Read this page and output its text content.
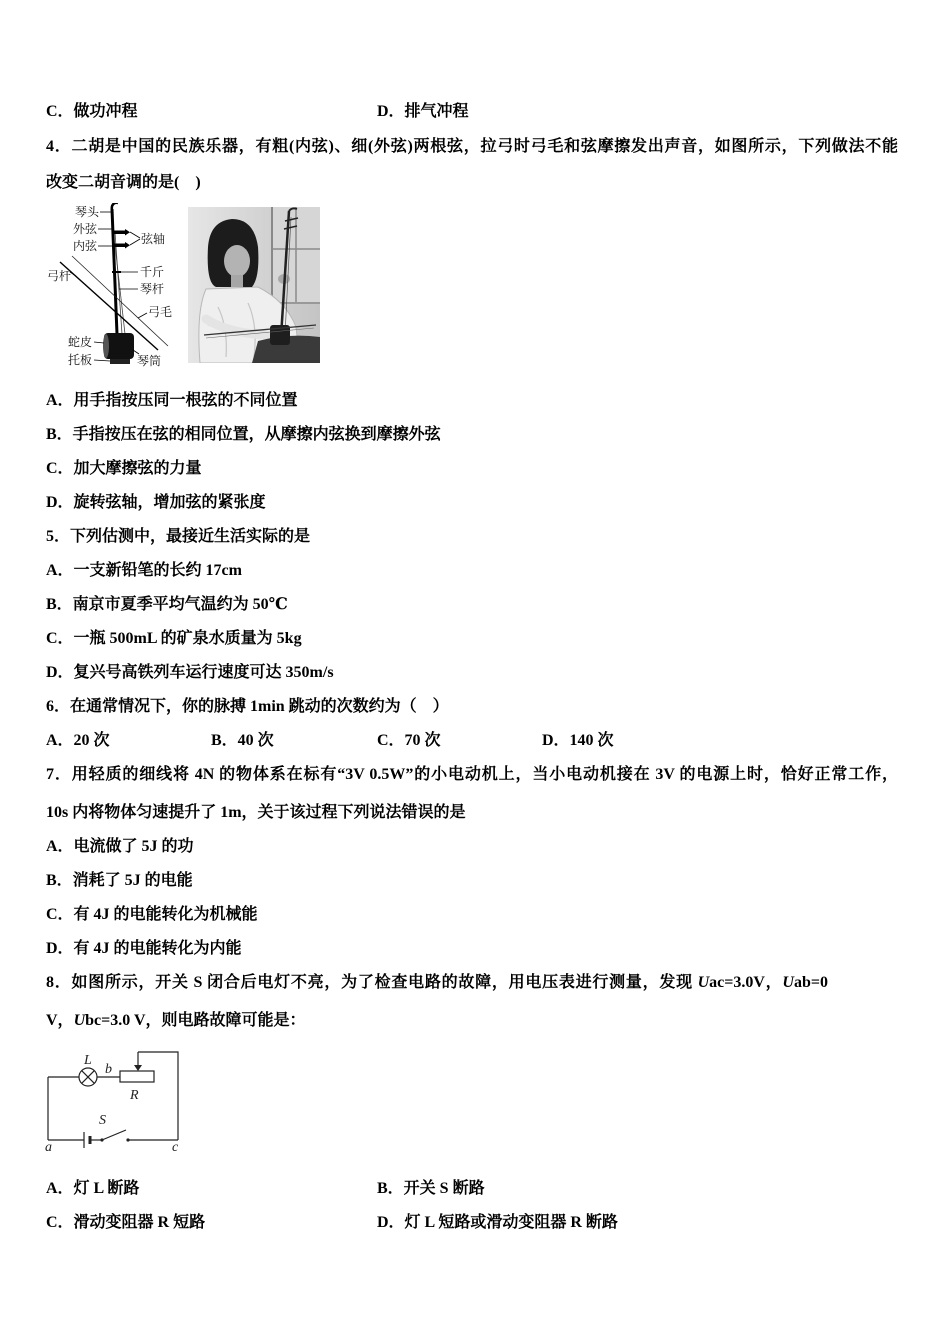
C．做功冲程	D．排气冲程
4．二胡是中国的民族乐器，有粗(内弦)、细(外弦)两根弦，拉弓时弓毛和弦摩擦发出声音，如图所示，下列做法不能
改变二胡音调的是(    )
琴头
外弦
内弦	弦轴
弓杆	千斤
琴杆
弓毛
蛇皮
托板	琴筒
A．用手指按压同一根弦的不同位置
B．手指按压在弦的相同位置，从摩擦内弦换到摩擦外弦
C．加大摩擦弦的力量
D．旋转弦轴，增加弦的紧张度
5．下列估测中，最接近生活实际的是
A．一支新铅笔的长约 17cm
B．南京市夏季平均气温约为 50℃
C．一瓶 500mL 的矿泉水质量为 5kg
D．复兴号高铁列车运行速度可达 350m/s
6．在通常情况下，你的脉搏 1min 跳动的次数约为（    ）
A．20 次	B．40 次	C．70 次	D．140 次
7．用轻质的细线将 4N 的物体系在标有“3V 0.5W”的小电动机上，当小电动机接在 3V 的电源上时，恰好正常工作，
10s 内将物体匀速提升了 1m，关于该过程下列说法错误的是
A．电流做了 5J 的功
B．消耗了 5J 的电能
C．有 4J 的电能转化为机械能
D．有 4J 的电能转化为内能
8．如图所示，开关 S 闭合后电灯不亮，为了检查电路的故障，用电压表进行测量，发现 Uac=3.0V，Uab=0
V，Ubc=3.0 V，则电路故障可能是：
L
b
R
S
a	c
A．灯 L 断路	B．开关 S 断路
C．滑动变阻器 R 短路	D．灯 L 短路或滑动变阻器 R 断路
